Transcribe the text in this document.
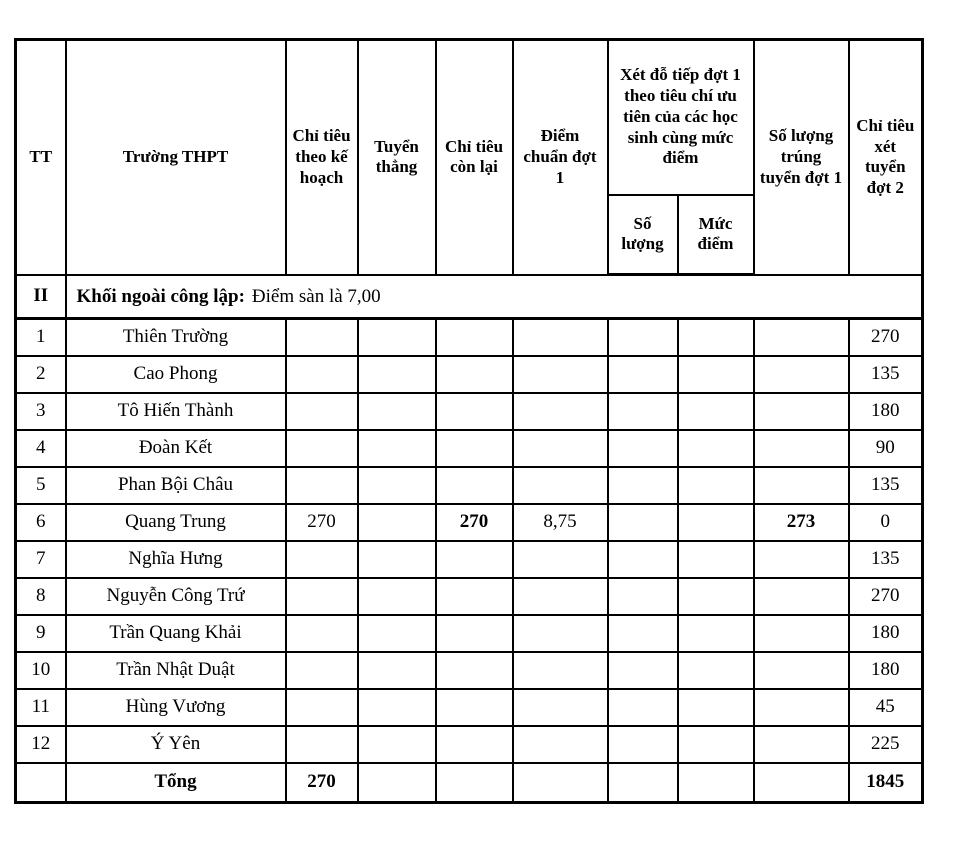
TT	Trường THPT	Chỉ tiêu theo kế hoạch	Tuyển thẳng	Chỉ tiêu còn lại	Điểm chuẩn đợt 1	Xét đỗ tiếp đợt 1 theo tiêu chí ưu tiên của các học sinh cùng mức điểm		Số lượng trúng tuyển đợt 1	Chỉ tiêu xét tuyển đợt 2
						Số lượng	Mức điểm		
II	Khối ngoài công lập: Điểm sàn là 7,00								
1	Thiên Trường								270
2	Cao Phong								135
3	Tô Hiến Thành								180
4	Đoàn Kết								90
5	Phan Bội Châu								135
6	Quang Trung	270		270	8,75			273	0
7	Nghĩa Hưng								135
8	Nguyễn Công Trứ								270
9	Trần Quang Khải								180
10	Trần Nhật Duật								180
11	Hùng Vương								45
12	Ý Yên								225
	Tổng	270							1845
